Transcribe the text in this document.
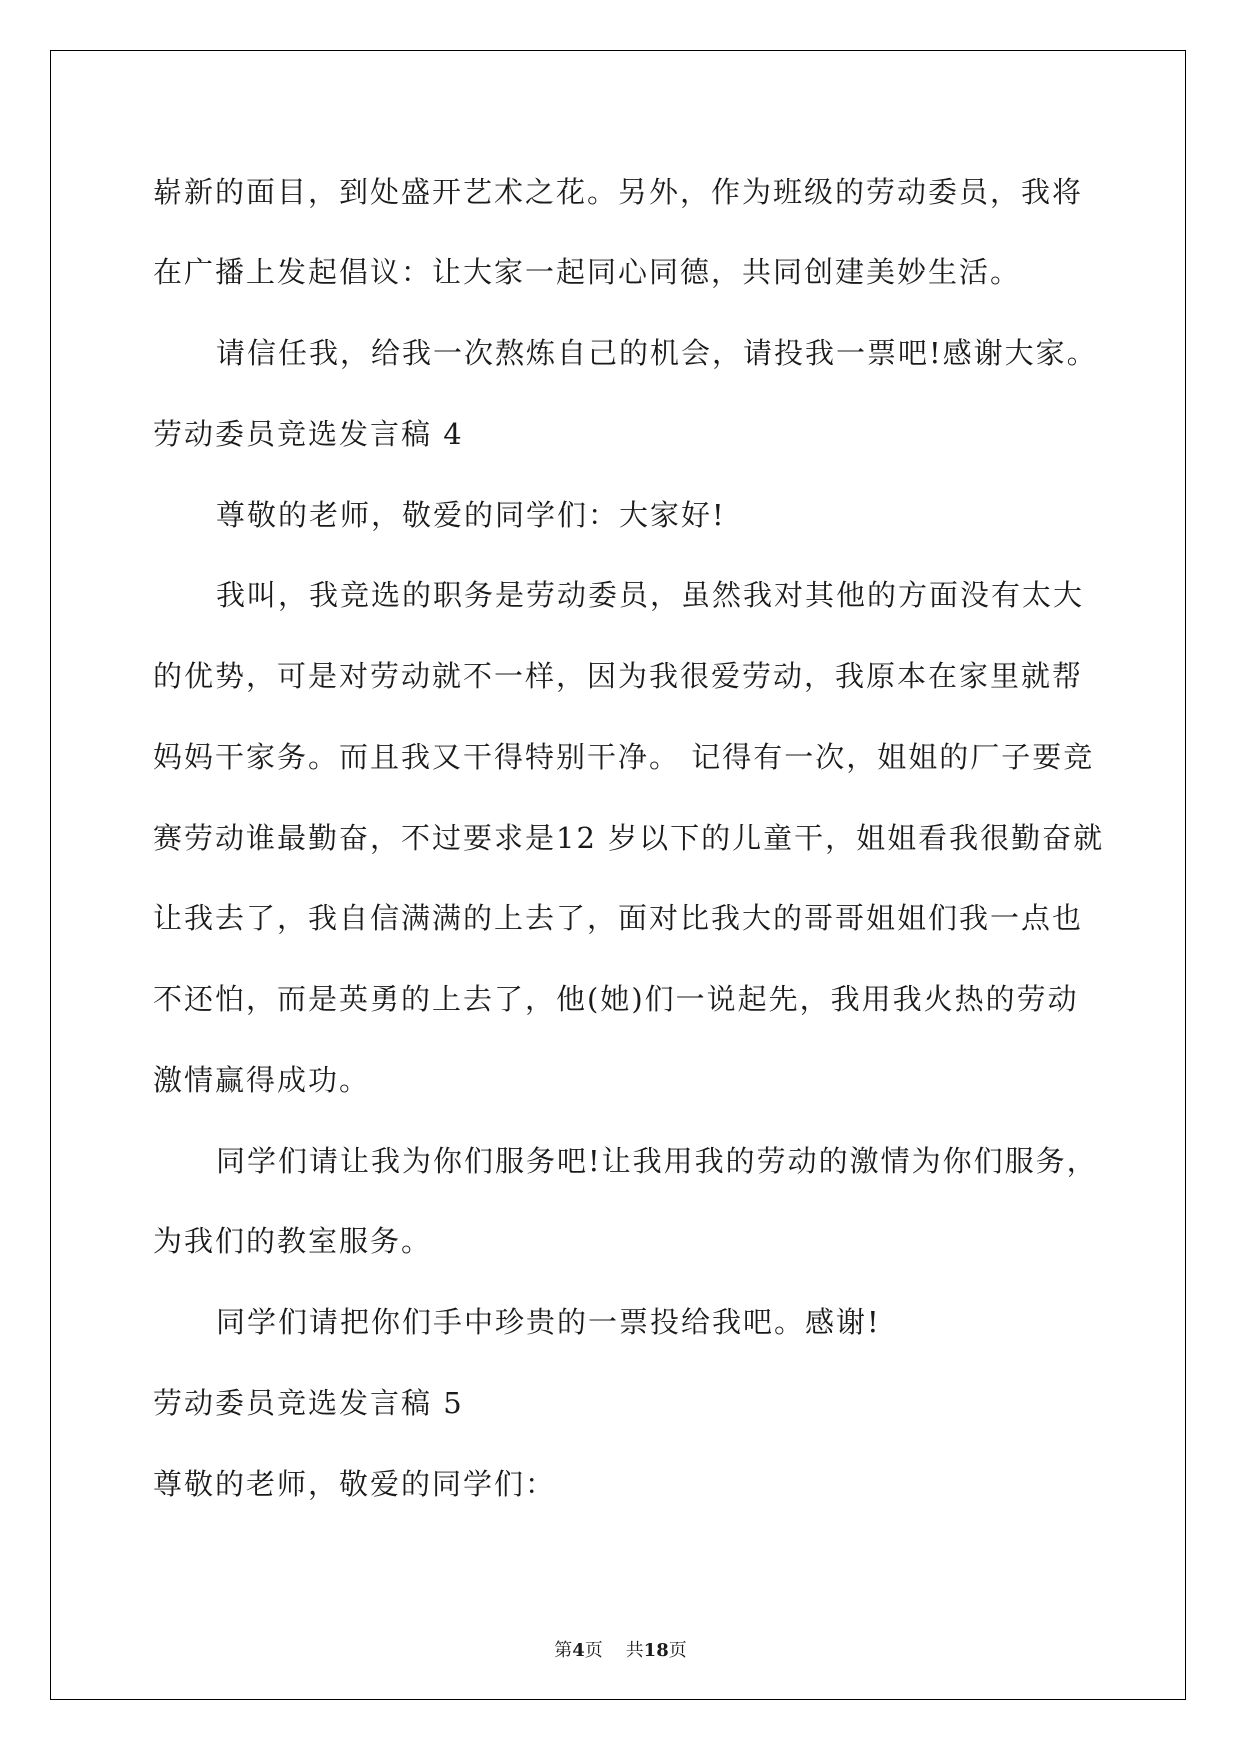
崭新的面目，到处盛开艺术之花。另外，作为班级的劳动委员，我将
在广播上发起倡议：让大家一起同心同德，共同创建美妙生活。
请信任我，给我一次熬炼自己的机会，请投我一票吧!感谢大家。
劳动委员竞选发言稿 4
尊敬的老师，敬爱的同学们：大家好!
我叫，我竞选的职务是劳动委员，虽然我对其他的方面没有太大
的优势，可是对劳动就不一样，因为我很爱劳动，我原本在家里就帮
妈妈干家务。而且我又干得特别干净。 记得有一次，姐姐的厂子要竞
赛劳动谁最勤奋，不过要求是12 岁以下的儿童干，姐姐看我很勤奋就
让我去了，我自信满满的上去了，面对比我大的哥哥姐姐们我一点也
不还怕，而是英勇的上去了，他(她)们一说起先，我用我火热的劳动
激情赢得成功。
同学们请让我为你们服务吧!让我用我的劳动的激情为你们服务，
为我们的教室服务。
同学们请把你们手中珍贵的一票投给我吧。感谢!
劳动委员竞选发言稿 5
尊敬的老师，敬爱的同学们：
第4页 共18页
